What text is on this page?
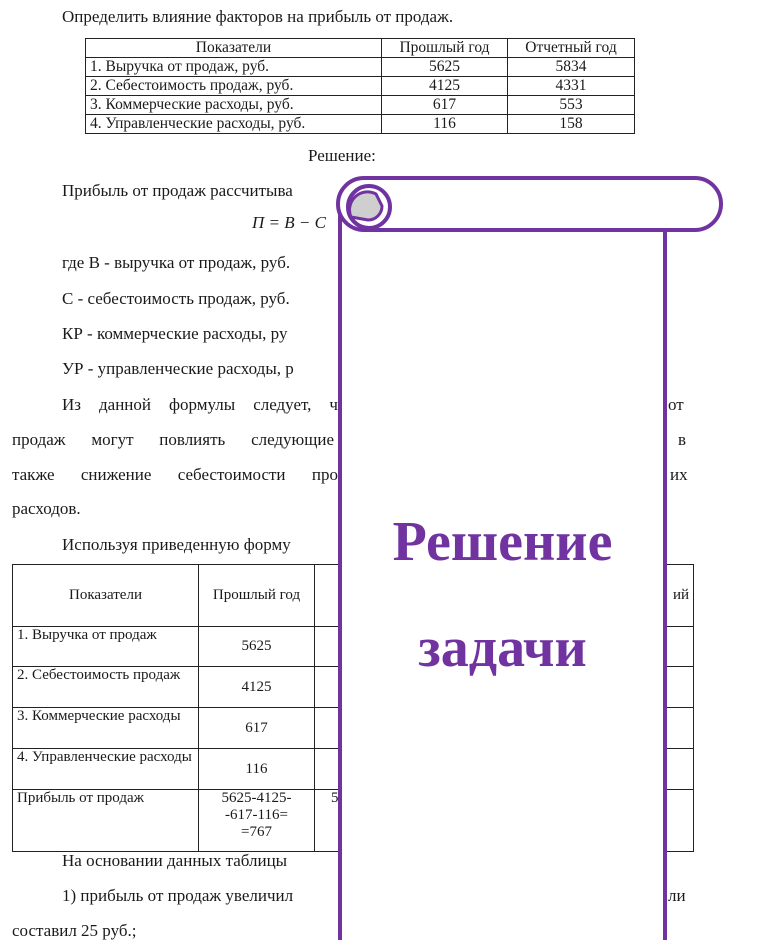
Определить влияние факторов на прибыль от продаж.
Показатели	Прошлый год	Отчетный год
1. Выручка от продаж, руб.	5625	5834
2. Себестоимость продаж, руб.	4125	4331
3. Коммерческие расходы, руб.	617	553
4. Управленческие расходы, руб.	116	158
Решение:
Прибыль от продаж рассчитыва
П = В − С
где В - выручка от продаж, руб.
С - себестоимость продаж, руб.
КР - коммерческие расходы, ру
УР - управленческие расходы, р
Из данной формулы следует, ч	от
продаж могут повлиять следующие	в
также снижение себестоимости про	их
расходов.
Используя приведенную форму
Показатели	Прошлый год		ий
1. Выручка от продаж	5625		
2. Себестоимость продаж	4125		
3. Коммерческие расходы	617		
4. Управленческие расходы	116		
Прибыль от продаж	5625-4125-
-617-116=
=767	5	
На основании данных таблицы
1) прибыль от продаж увеличил	ли
составил 25 руб.;
Решение
задачи
